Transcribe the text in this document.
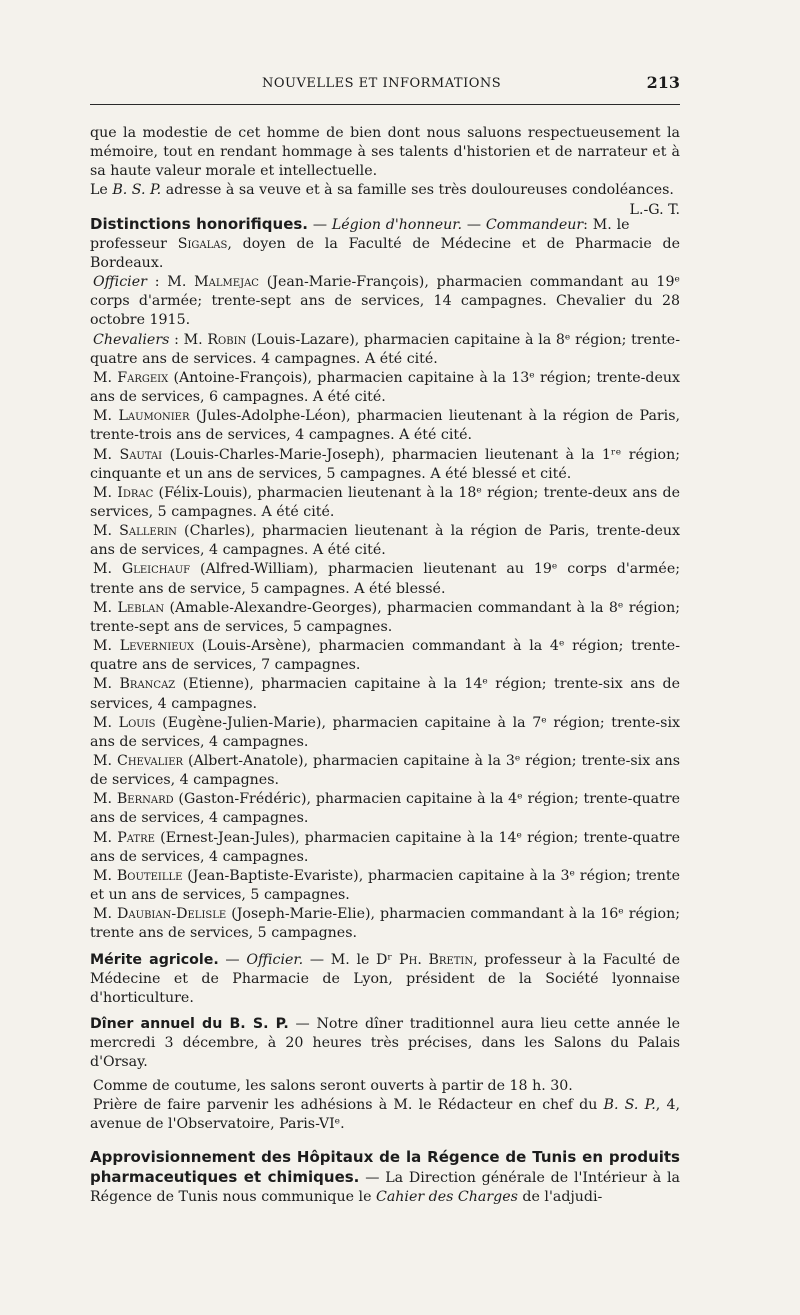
NOUVELLES ET INFORMATIONS	213

que la modestie de cet homme de bien dont nous saluons respectueusement la mémoire, tout en rendant hommage à ses talents d'historien et de narrateur et à sa haute valeur morale et intellectuelle.

Le B. S. P. adresse à sa veuve et à sa famille ses très douloureuses condoléances.
L.-G. T.

Distinctions honorifiques. — Légion d'honneur. — Commandeur: M. le professeur Sigalas, doyen de la Faculté de Médecine et de Pharmacie de Bordeaux.

Officier : M. Malmejac (Jean-Marie-François), pharmacien commandant au 19ᵉ corps d'armée; trente-sept ans de services, 14 campagnes. Chevalier du 28 octobre 1915.

Chevaliers : M. Robin (Louis-Lazare), pharmacien capitaine à la 8ᵉ région; trente-quatre ans de services. 4 campagnes. A été cité.

M. Fargeix (Antoine-François), pharmacien capitaine à la 13ᵉ région; trente-deux ans de services, 6 campagnes. A été cité.

M. Laumonier (Jules-Adolphe-Léon), pharmacien lieutenant à la région de Paris, trente-trois ans de services, 4 campagnes. A été cité.

M. Sautai (Louis-Charles-Marie-Joseph), pharmacien lieutenant à la 1ʳᵉ région; cinquante et un ans de services, 5 campagnes. A été blessé et cité.

M. Idrac (Félix-Louis), pharmacien lieutenant à la 18ᵉ région; trente-deux ans de services, 5 campagnes. A été cité.

M. Sallerin (Charles), pharmacien lieutenant à la région de Paris, trente-deux ans de services, 4 campagnes. A été cité.

M. Gleichauf (Alfred-William), pharmacien lieutenant au 19ᵉ corps d'armée; trente ans de service, 5 campagnes. A été blessé.

M. Leblan (Amable-Alexandre-Georges), pharmacien commandant à la 8ᵉ région; trente-sept ans de services, 5 campagnes.

M. Levernieux (Louis-Arsène), pharmacien commandant à la 4ᵉ région; trente-quatre ans de services, 7 campagnes.

M. Brancaz (Etienne), pharmacien capitaine à la 14ᵉ région; trente-six ans de services, 4 campagnes.

M. Louis (Eugène-Julien-Marie), pharmacien capitaine à la 7ᵉ région; trente-six ans de services, 4 campagnes.

M. Chevalier (Albert-Anatole), pharmacien capitaine à la 3ᵉ région; trente-six ans de services, 4 campagnes.

M. Bernard (Gaston-Frédéric), pharmacien capitaine à la 4ᵉ région; trente-quatre ans de services, 4 campagnes.

M. Patre (Ernest-Jean-Jules), pharmacien capitaine à la 14ᵉ région; trente-quatre ans de services, 4 campagnes.

M. Bouteille (Jean-Baptiste-Evariste), pharmacien capitaine à la 3ᵉ région; trente et un ans de services, 5 campagnes.

M. Daubian-Delisle (Joseph-Marie-Elie), pharmacien commandant à la 16ᵉ région; trente ans de services, 5 campagnes.

Mérite agricole. — Officier. — M. le Dʳ Ph. Bretin, professeur à la Faculté de Médecine et de Pharmacie de Lyon, président de la Société lyonnaise d'horticulture.

Dîner annuel du B. S. P. — Notre dîner traditionnel aura lieu cette année le mercredi 3 décembre, à 20 heures très précises, dans les Salons du Palais d'Orsay.

Comme de coutume, les salons seront ouverts à partir de 18 h. 30.

Prière de faire parvenir les adhésions à M. le Rédacteur en chef du B. S. P., 4, avenue de l'Observatoire, Paris-VIᵉ.

Approvisionnement des Hôpitaux de la Régence de Tunis en produits pharmaceutiques et chimiques. — La Direction générale de l'Intérieur à la Régence de Tunis nous communique le Cahier des Charges de l'adjudi-
